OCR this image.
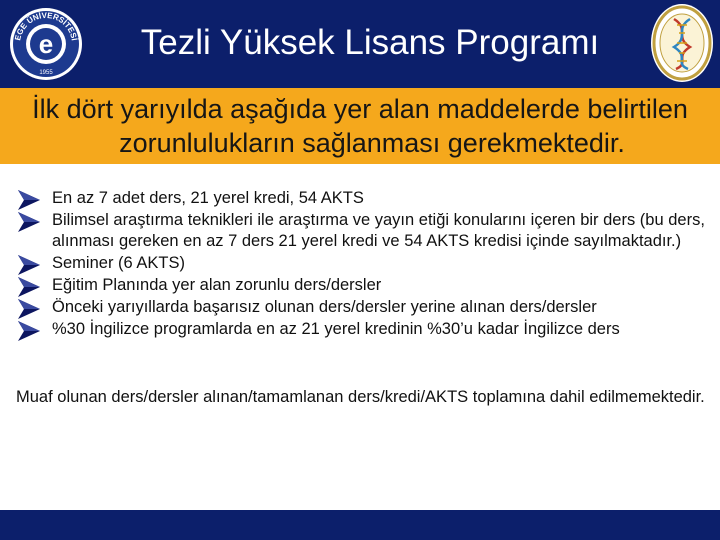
e
EGE ÜNİVERSİTESİ
1955
Tezli Yüksek Lisans Programı
İlk dört yarıyılda aşağıda yer alan maddelerde belirtilen
zorunlulukların sağlanması gerekmektedir.
En az 7 adet ders, 21 yerel kredi, 54 AKTS
Bilimsel araştırma teknikleri ile araştırma ve yayın etiği konularını içeren bir ders (bu ders, alınması gereken en az 7 ders 21 yerel kredi ve 54 AKTS kredisi içinde sayılmaktadır.)
Seminer (6 AKTS)
Eğitim Planında yer alan zorunlu ders/dersler
Önceki yarıyıllarda başarısız olunan ders/dersler yerine alınan ders/dersler
%30 İngilizce programlarda en az 21 yerel kredinin %30’u kadar İngilizce ders
Muaf olunan ders/dersler alınan/tamamlanan ders/kredi/AKTS toplamına dahil edilmemektedir.
